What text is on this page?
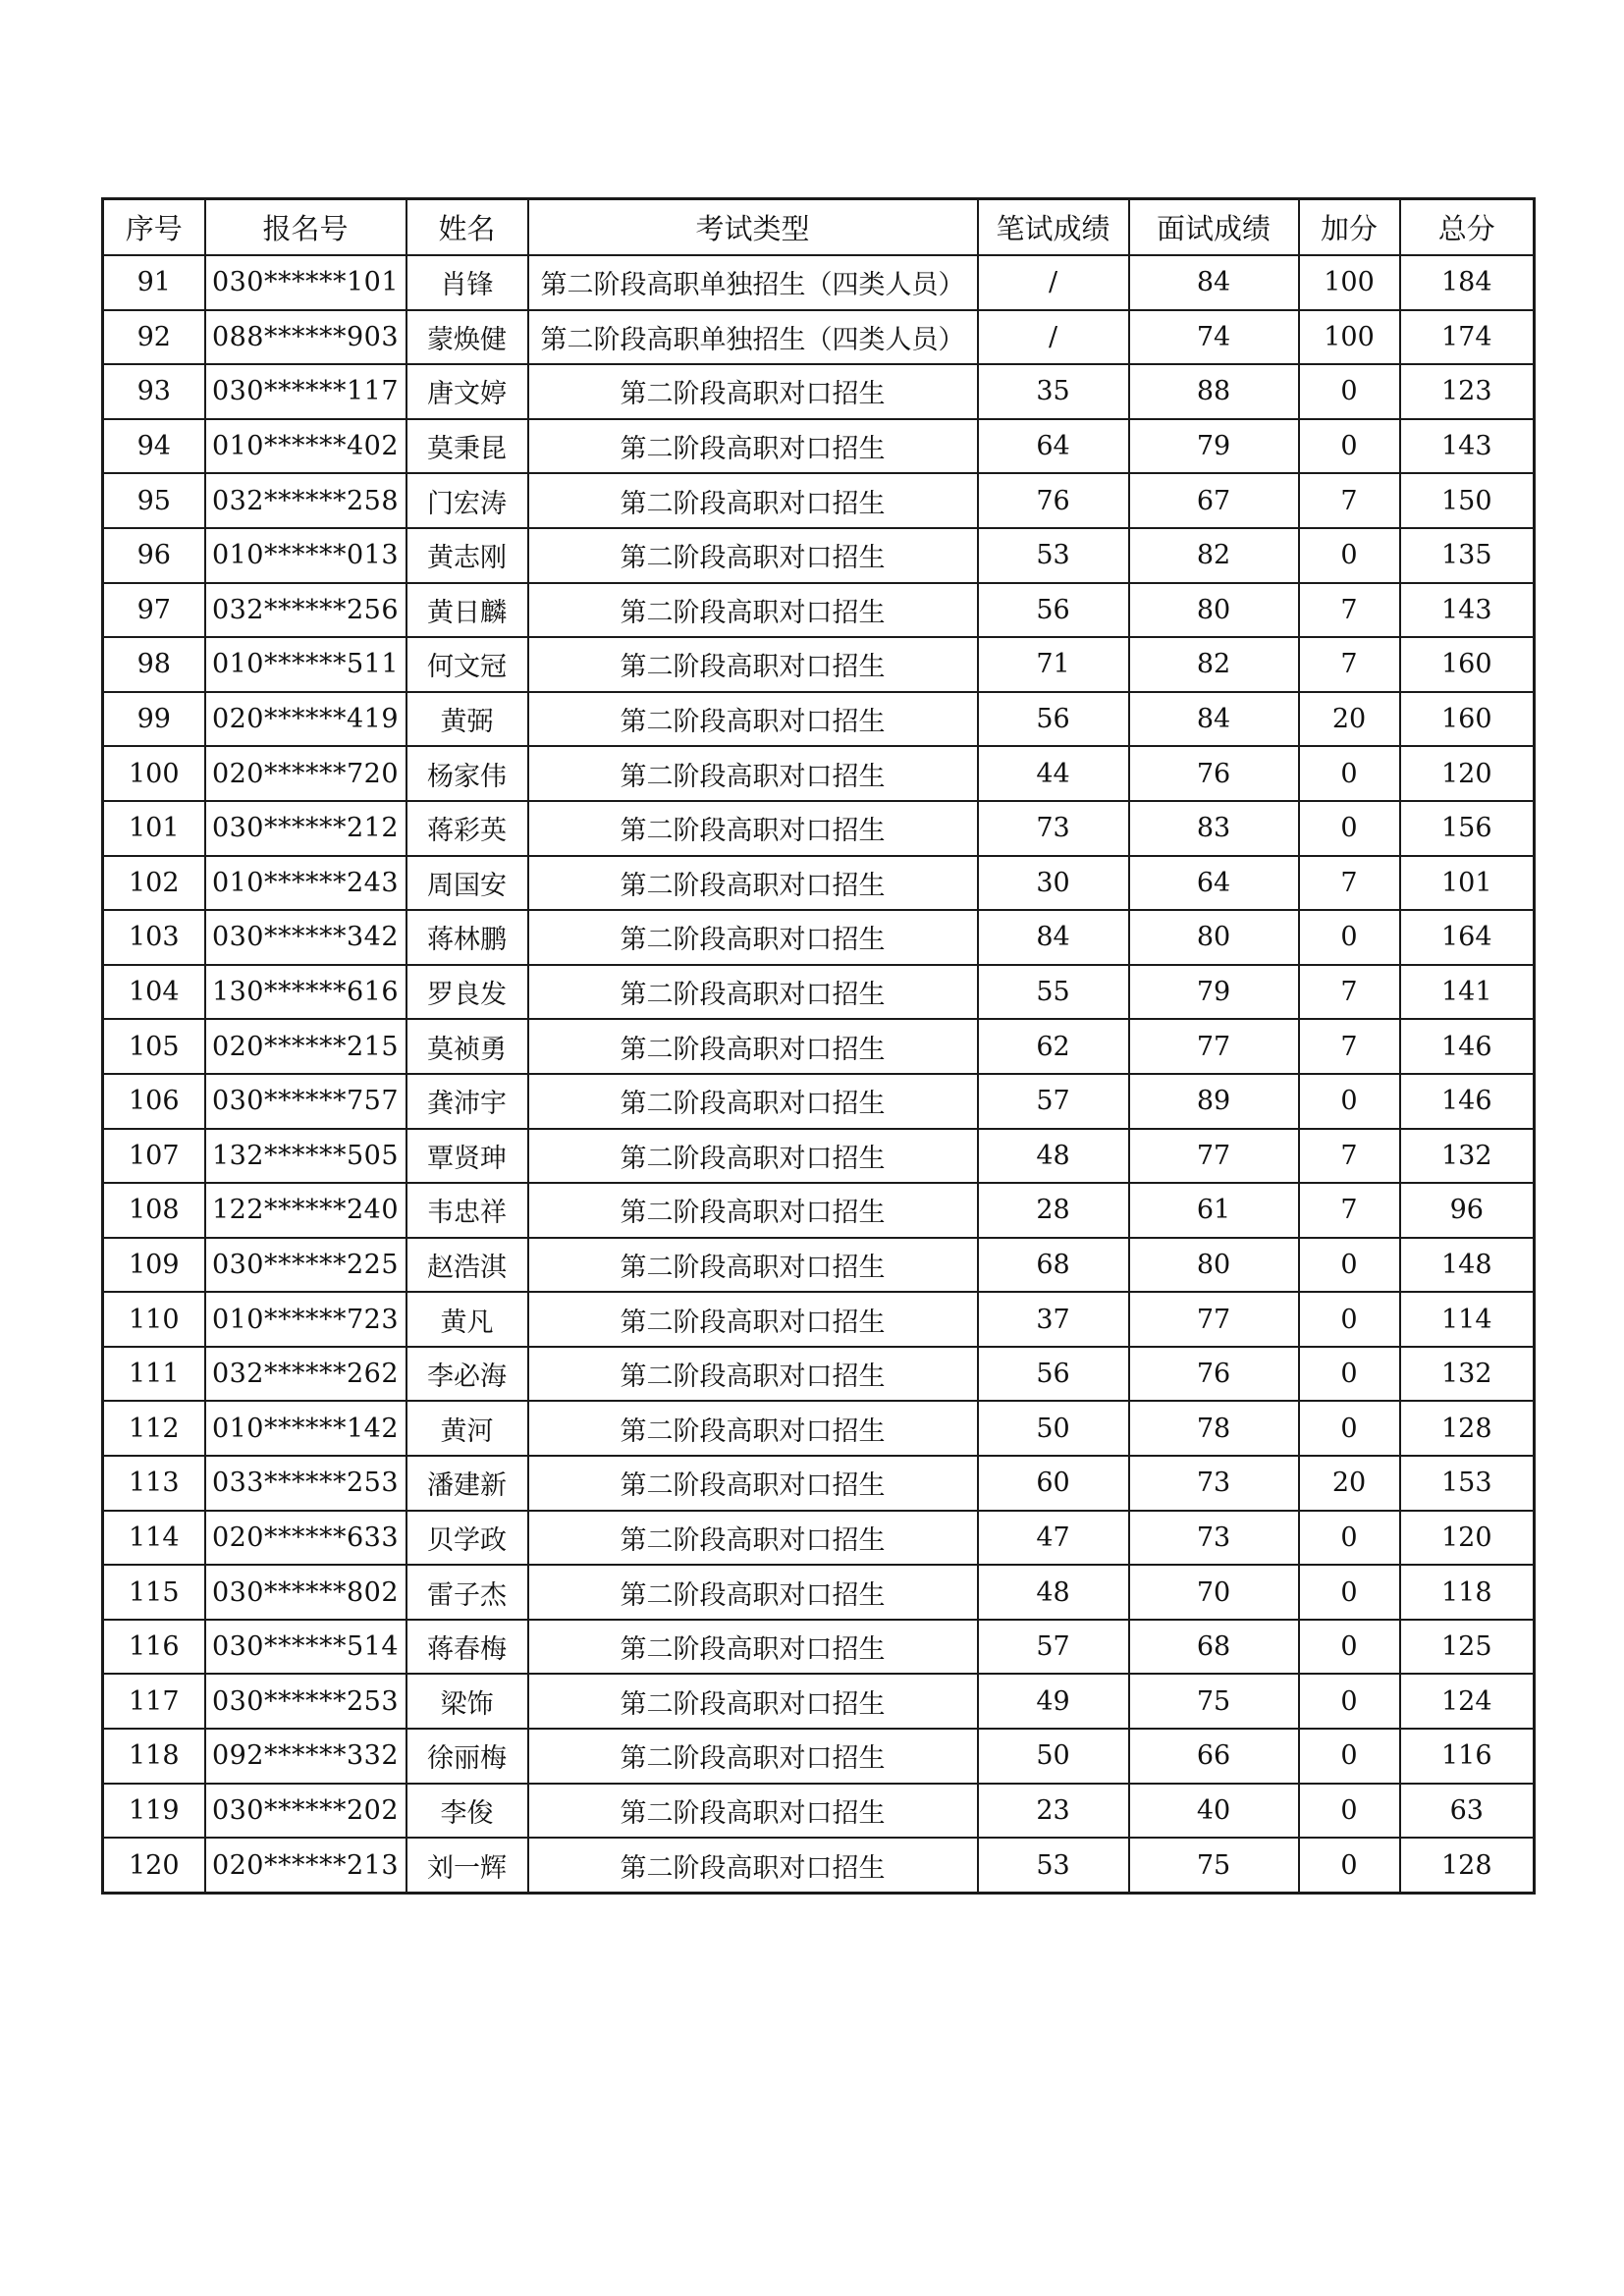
序号	报名号	姓名	考试类型	笔试成绩	面试成绩	加分	总分
91	030******101	肖锋	第二阶段高职单独招生（四类人员）	/	84	100	184
92	088******903	蒙焕健	第二阶段高职单独招生（四类人员）	/	74	100	174
93	030******117	唐文婷	第二阶段高职对口招生	35	88	0	123
94	010******402	莫秉昆	第二阶段高职对口招生	64	79	0	143
95	032******258	门宏涛	第二阶段高职对口招生	76	67	7	150
96	010******013	黄志刚	第二阶段高职对口招生	53	82	0	135
97	032******256	黄日麟	第二阶段高职对口招生	56	80	7	143
98	010******511	何文冠	第二阶段高职对口招生	71	82	7	160
99	020******419	黄弼	第二阶段高职对口招生	56	84	20	160
100	020******720	杨家伟	第二阶段高职对口招生	44	76	0	120
101	030******212	蒋彩英	第二阶段高职对口招生	73	83	0	156
102	010******243	周国安	第二阶段高职对口招生	30	64	7	101
103	030******342	蒋林鹏	第二阶段高职对口招生	84	80	0	164
104	130******616	罗良发	第二阶段高职对口招生	55	79	7	141
105	020******215	莫祯勇	第二阶段高职对口招生	62	77	7	146
106	030******757	龚沛宇	第二阶段高职对口招生	57	89	0	146
107	132******505	覃贤珅	第二阶段高职对口招生	48	77	7	132
108	122******240	韦忠祥	第二阶段高职对口招生	28	61	7	96
109	030******225	赵浩淇	第二阶段高职对口招生	68	80	0	148
110	010******723	黄凡	第二阶段高职对口招生	37	77	0	114
111	032******262	李必海	第二阶段高职对口招生	56	76	0	132
112	010******142	黄河	第二阶段高职对口招生	50	78	0	128
113	033******253	潘建新	第二阶段高职对口招生	60	73	20	153
114	020******633	贝学政	第二阶段高职对口招生	47	73	0	120
115	030******802	雷子杰	第二阶段高职对口招生	48	70	0	118
116	030******514	蒋春梅	第二阶段高职对口招生	57	68	0	125
117	030******253	梁饰	第二阶段高职对口招生	49	75	0	124
118	092******332	徐丽梅	第二阶段高职对口招生	50	66	0	116
119	030******202	李俊	第二阶段高职对口招生	23	40	0	63
120	020******213	刘一辉	第二阶段高职对口招生	53	75	0	128
